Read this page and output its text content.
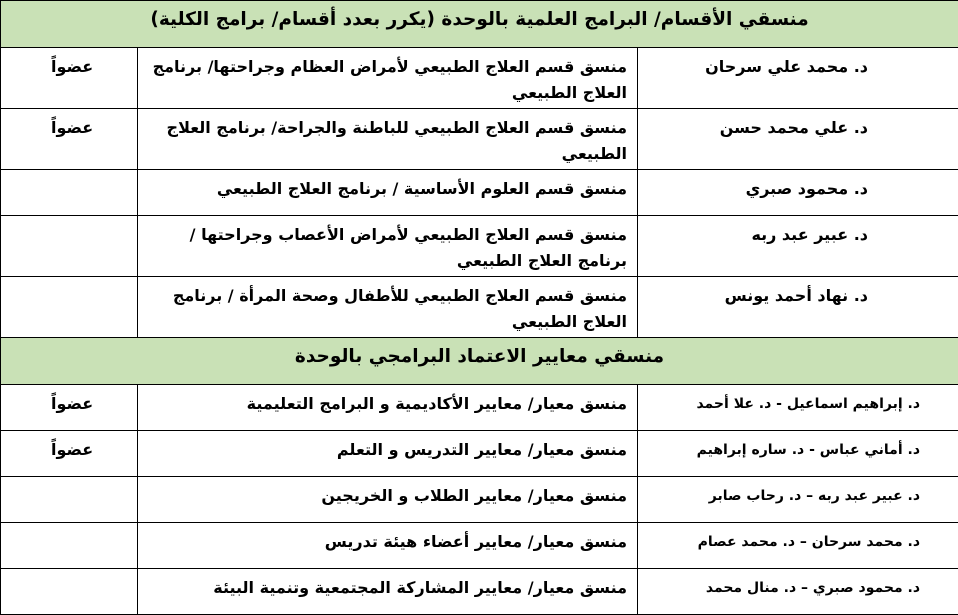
منسقي الأقسام/ البرامج العلمية بالوحدة (يكرر بعدد أقسام/ برامج الكلية)		
د. محمد علي سرحان	منسق قسم العلاج الطبيعي لأمراض العظام وجراحتها/ برنامج العلاج الطبيعي	عضواً
د. علي محمد حسن	منسق قسم العلاج الطبيعي للباطنة والجراحة/ برنامج العلاج الطبيعي	عضواً
د. محمود صبري	منسق قسم العلوم الأساسية / برنامج العلاج الطبيعي	
د. عبير عبد ربه	منسق قسم العلاج الطبيعي لأمراض الأعصاب وجراحتها / برنامج العلاج الطبيعي	
د. نهاد أحمد يونس	منسق قسم العلاج الطبيعي للأطفال وصحة المرأة / برنامج العلاج الطبيعي	
منسقي معايير الاعتماد البرامجي بالوحدة		
د. إبراهيم اسماعيل - د. علا أحمد	منسق معيار/ معايير الأكاديمية و البرامج التعليمية	عضواً
د. أماني عباس - د. ساره إبراهيم	منسق معيار/ معايير التدريس و التعلم	عضواً
د. عبير عبد ربه – د. رحاب صابر	منسق معيار/ معايير الطلاب و الخريجين	
د. محمد سرحان – د. محمد عصام	منسق معيار/ معايير أعضاء هيئة تدريس	
د. محمود صبري – د. منال محمد	منسق معيار/ معايير المشاركة المجتمعية وتنمية البيئة	
